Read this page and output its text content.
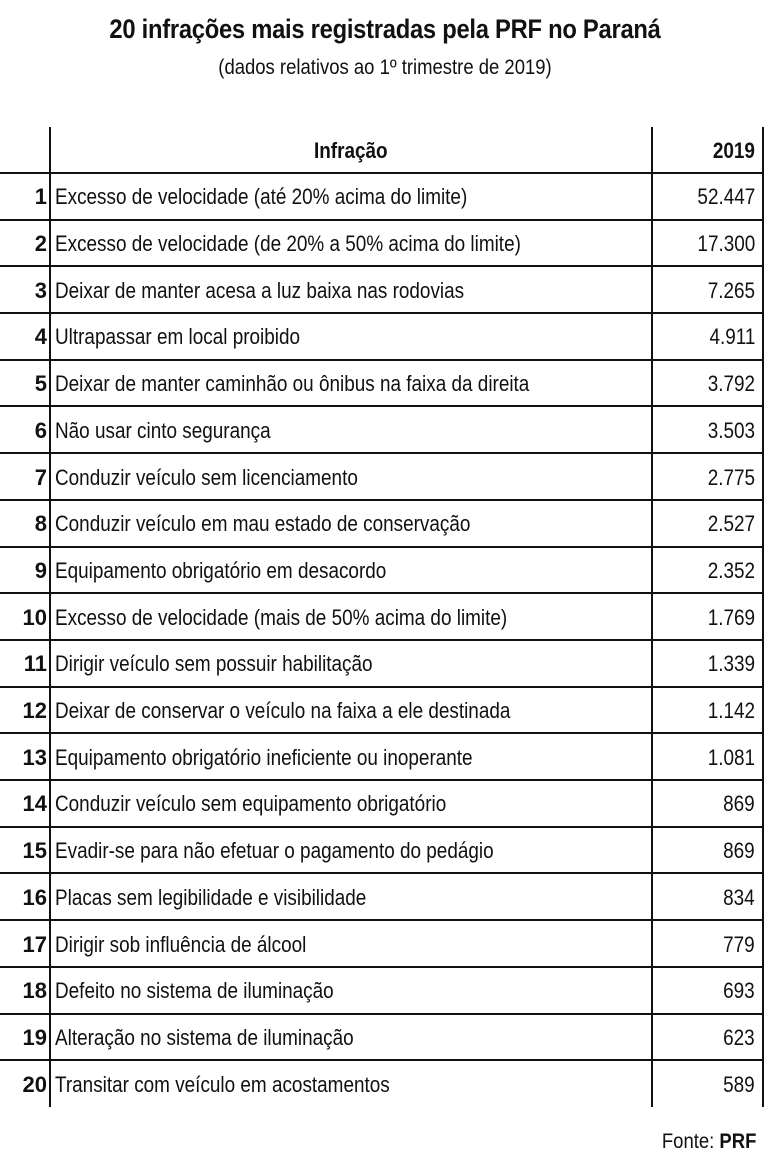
20 infrações mais registradas pela PRF no Paraná
(dados relativos ao 1º trimestre de 2019)
Infração	2019
1 Excesso de velocidade (até 20% acima do limite)	52.447
2 Excesso de velocidade (de 20% a 50% acima do limite)	17.300
3 Deixar de manter acesa a luz baixa nas rodovias	7.265
4 Ultrapassar em local proibido	4.911
5 Deixar de manter caminhão ou ônibus na faixa da direita	3.792
6 Não usar cinto segurança	3.503
7 Conduzir veículo sem licenciamento	2.775
8 Conduzir veículo em mau estado de conservação	2.527
9 Equipamento obrigatório em desacordo	2.352
10 Excesso de velocidade (mais de 50% acima do limite)	1.769
11 Dirigir veículo sem possuir habilitação	1.339
12 Deixar de conservar o veículo na faixa a ele destinada	1.142
13 Equipamento obrigatório ineficiente ou inoperante	1.081
14 Conduzir veículo sem equipamento obrigatório	869
15 Evadir-se para não efetuar o pagamento do pedágio	869
16 Placas sem legibilidade e visibilidade	834
17 Dirigir sob influência de álcool	779
18 Defeito no sistema de iluminação	693
19 Alteração no sistema de iluminação	623
20 Transitar com veículo em acostamentos	589
Fonte: PRF
